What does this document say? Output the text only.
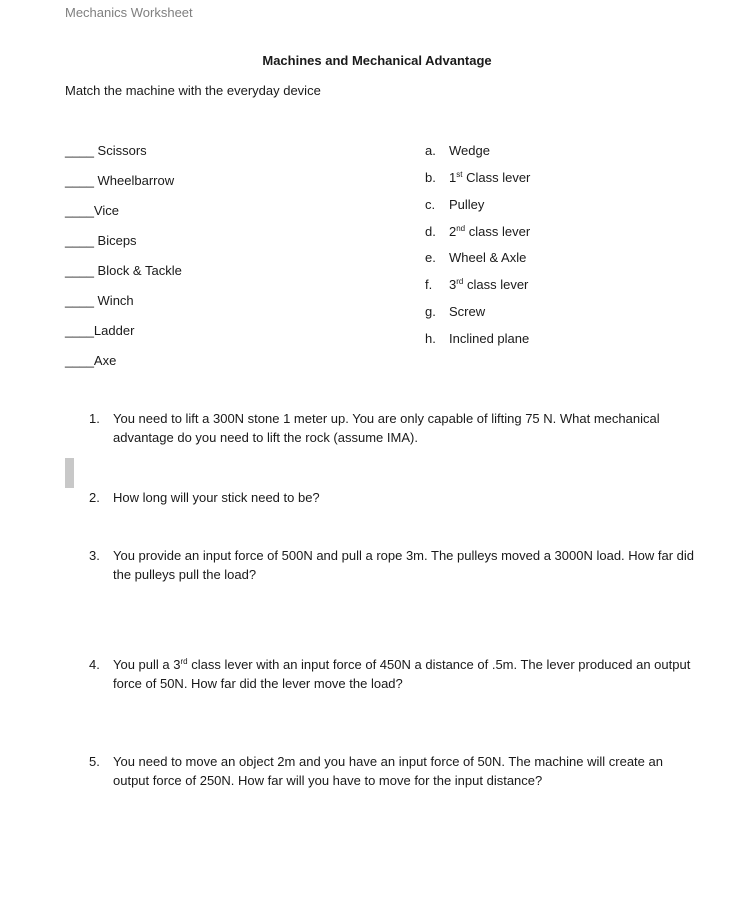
Mechanics Worksheet
Machines and Mechanical Advantage
Match the machine with the everyday device
____ Scissors
____ Wheelbarrow
____Vice
____ Biceps
____ Block & Tackle
____ Winch
____Ladder
____Axe
a. Wedge
b. 1st Class lever
c. Pulley
d. 2nd class lever
e. Wheel & Axle
f. 3rd class lever
g. Screw
h. Inclined plane
1. You need to lift a 300N stone 1 meter up. You are only capable of lifting 75 N. What mechanical advantage do you need to lift the rock (assume IMA).
2. How long will your stick need to be?
3. You provide an input force of 500N and pull a rope 3m. The pulleys moved a 3000N load. How far did the pulleys pull the load?
4. You pull a 3rd class lever with an input force of 450N a distance of .5m. The lever produced an output force of 50N. How far did the lever move the load?
5. You need to move an object 2m and you have an input force of 50N. The machine will create an output force of 250N. How far will you have to move for the input distance?
